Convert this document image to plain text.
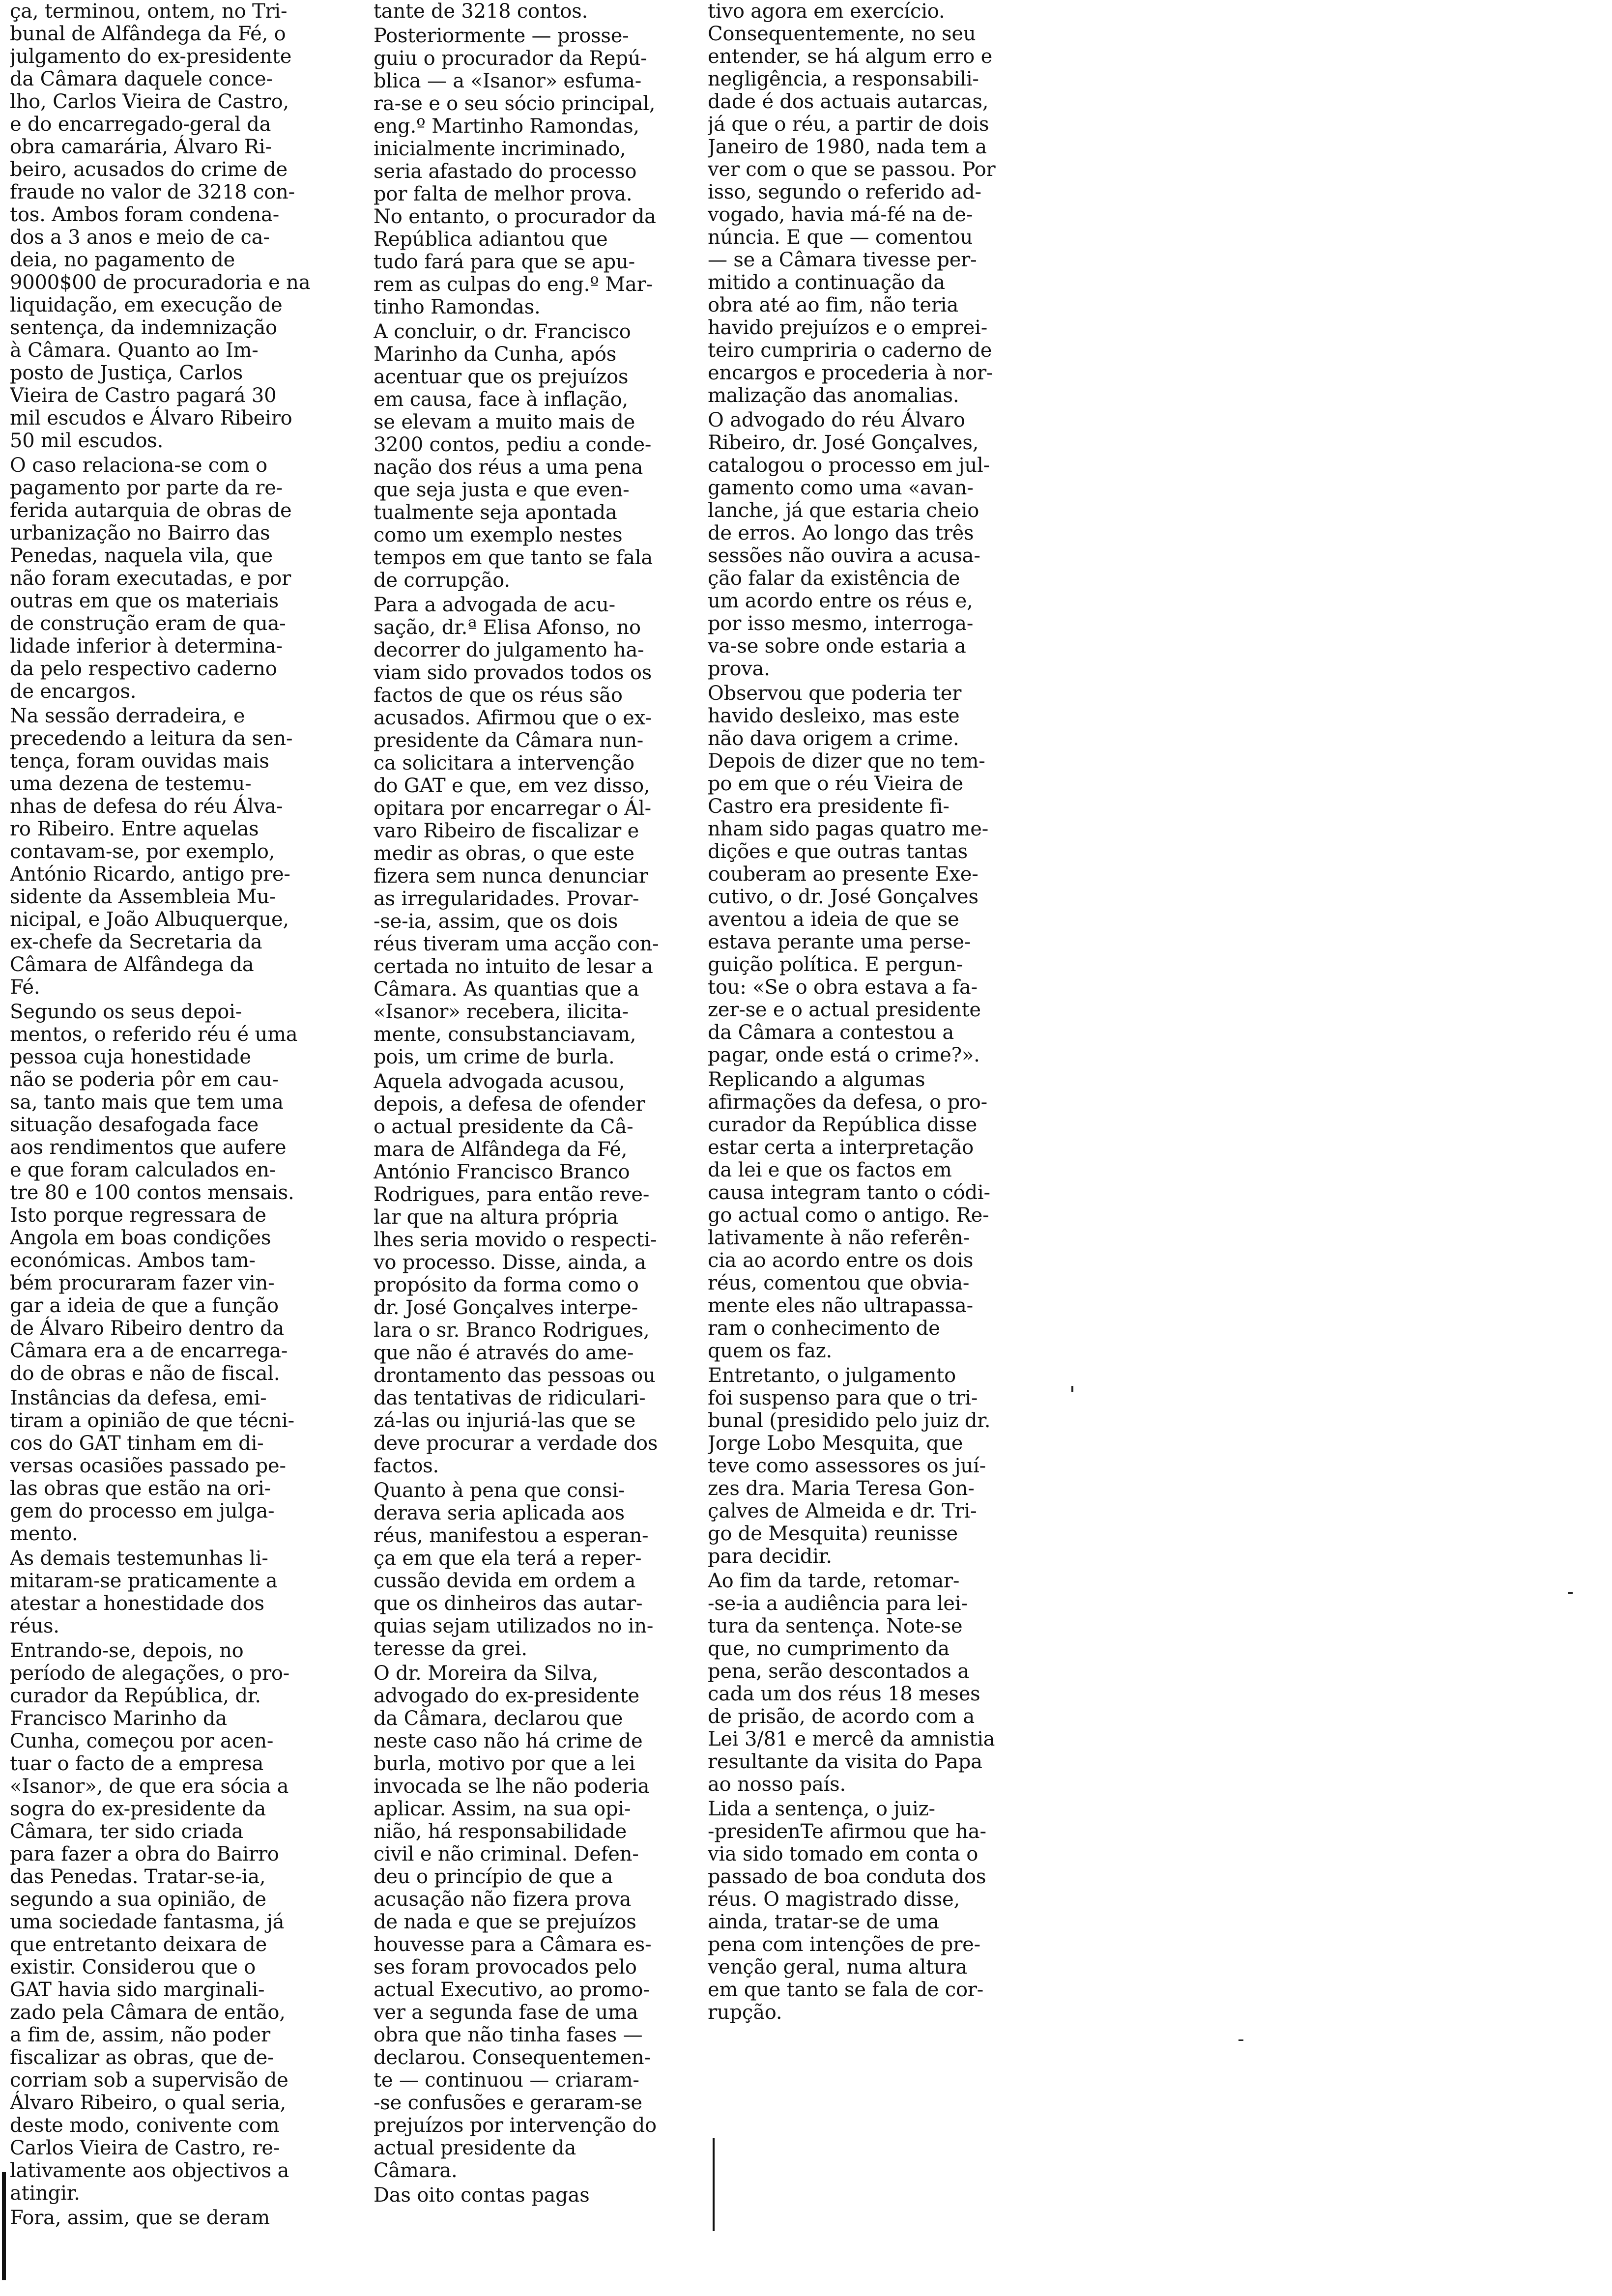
ça, terminou, ontem, no Tri-
bunal de Alfândega da Fé, o
julgamento do ex-presidente
da Câmara daquele conce-
lho, Carlos Vieira de Castro,
e do encarregado-geral da
obra camarária, Álvaro Ri-
beiro, acusados do crime de
fraude no valor de 3218 con-
tos. Ambos foram condena-
dos a 3 anos e meio de ca-
deia, no pagamento de
9000$00 de procuradoria e na
liquidação, em execução de
sentença, da indemnização
à Câmara. Quanto ao Im-
posto de Justiça, Carlos
Vieira de Castro pagará 30
mil escudos e Álvaro Ribeiro
50 mil escudos.

O caso relaciona-se com o
pagamento por parte da re-
ferida autarquia de obras de
urbanização no Bairro das
Penedas, naquela vila, que
não foram executadas, e por
outras em que os materiais
de construção eram de qua-
lidade inferior à determina-
da pelo respectivo caderno
de encargos.

Na sessão derradeira, e
precedendo a leitura da sen-
tença, foram ouvidas mais
uma dezena de testemu-
nhas de defesa do réu Álva-
ro Ribeiro. Entre aquelas
contavam-se, por exemplo,
António Ricardo, antigo pre-
sidente da Assembleia Mu-
nicipal, e João Albuquerque,
ex-chefe da Secretaria da
Câmara de Alfândega da
Fé.

Segundo os seus depoi-
mentos, o referido réu é uma
pessoa cuja honestidade
não se poderia pôr em cau-
sa, tanto mais que tem uma
situação desafogada face
aos rendimentos que aufere
e que foram calculados en-
tre 80 e 100 contos mensais.
Isto porque regressara de
Angola em boas condições
económicas. Ambos tam-
bém procuraram fazer vin-
gar a ideia de que a função
de Álvaro Ribeiro dentro da
Câmara era a de encarrega-
do de obras e não de fiscal.

Instâncias da defesa, emi-
tiram a opinião de que técni-
cos do GAT tinham em di-
versas ocasiões passado pe-
las obras que estão na ori-
gem do processo em julga-
mento.

As demais testemunhas li-
mitaram-se praticamente a
atestar a honestidade dos
réus.

Entrando-se, depois, no
período de alegações, o pro-
curador da República, dr.
Francisco Marinho da
Cunha, começou por acen-
tuar o facto de a empresa
«Isanor», de que era sócia a
sogra do ex-presidente da
Câmara, ter sido criada
para fazer a obra do Bairro
das Penedas. Tratar-se-ia,
segundo a sua opinião, de
uma sociedade fantasma, já
que entretanto deixara de
existir. Considerou que o
GAT havia sido marginali-
zado pela Câmara de então,
a fim de, assim, não poder
fiscalizar as obras, que de-
corriam sob a supervisão de
Álvaro Ribeiro, o qual seria,
deste modo, conivente com
Carlos Vieira de Castro, re-
lativamente aos objectivos a
atingir.

Fora, assim, que se deram

tante de 3218 contos.

Posteriormente — prosse-
guiu o procurador da Repú-
blica — a «Isanor» esfuma-
ra-se e o seu sócio principal,
eng.º Martinho Ramondas,
inicialmente incriminado,
seria afastado do processo
por falta de melhor prova.
No entanto, o procurador da
República adiantou que
tudo fará para que se apu-
rem as culpas do eng.º Mar-
tinho Ramondas.

A concluir, o dr. Francisco
Marinho da Cunha, após
acentuar que os prejuízos
em causa, face à inflação,
se elevam a muito mais de
3200 contos, pediu a conde-
nação dos réus a uma pena
que seja justa e que even-
tualmente seja apontada
como um exemplo nestes
tempos em que tanto se fala
de corrupção.

Para a advogada de acu-
sação, dr.ª Elisa Afonso, no
decorrer do julgamento ha-
viam sido provados todos os
factos de que os réus são
acusados. Afirmou que o ex-
presidente da Câmara nun-
ca solicitara a intervenção
do GAT e que, em vez disso,
opitara por encarregar o Ál-
varo Ribeiro de fiscalizar e
medir as obras, o que este
fizera sem nunca denunciar
as irregularidades. Provar-
-se-ia, assim, que os dois
réus tiveram uma acção con-
certada no intuito de lesar a
Câmara. As quantias que a
«Isanor» recebera, ilicita-
mente, consubstanciavam,
pois, um crime de burla.

Aquela advogada acusou,
depois, a defesa de ofender
o actual presidente da Câ-
mara de Alfândega da Fé,
António Francisco Branco
Rodrigues, para então reve-
lar que na altura própria
lhes seria movido o respecti-
vo processo. Disse, ainda, a
propósito da forma como o
dr. José Gonçalves interpe-
lara o sr. Branco Rodrigues,
que não é através do ame-
drontamento das pessoas ou
das tentativas de ridiculari-
zá-las ou injuriá-las que se
deve procurar a verdade dos
factos.

Quanto à pena que consi-
derava seria aplicada aos
réus, manifestou a esperan-
ça em que ela terá a reper-
cussão devida em ordem a
que os dinheiros das autar-
quias sejam utilizados no in-
teresse da grei.

O dr. Moreira da Silva,
advogado do ex-presidente
da Câmara, declarou que
neste caso não há crime de
burla, motivo por que a lei
invocada se lhe não poderia
aplicar. Assim, na sua opi-
nião, há responsabilidade
civil e não criminal. Defen-
deu o princípio de que a
acusação não fizera prova
de nada e que se prejuízos
houvesse para a Câmara es-
ses foram provocados pelo
actual Executivo, ao promo-
ver a segunda fase de uma
obra que não tinha fases —
declarou. Consequentemen-
te — continuou — criaram-
-se confusões e geraram-se
prejuízos por intervenção do
actual presidente da
Câmara.

Das oito contas pagas

tivo agora em exercício.
Consequentemente, no seu
entender, se há algum erro e
negligência, a responsabili-
dade é dos actuais autarcas,
já que o réu, a partir de dois
Janeiro de 1980, nada tem a
ver com o que se passou. Por
isso, segundo o referido ad-
vogado, havia má-fé na de-
núncia. E que — comentou
— se a Câmara tivesse per-
mitido a continuação da
obra até ao fim, não teria
havido prejuízos e o emprei-
teiro cumpriria o caderno de
encargos e procederia à nor-
malização das anomalias.

O advogado do réu Álvaro
Ribeiro, dr. José Gonçalves,
catalogou o processo em jul-
gamento como uma «avan-
lanche, já que estaria cheio
de erros. Ao longo das três
sessões não ouvira a acusa-
ção falar da existência de
um acordo entre os réus e,
por isso mesmo, interroga-
va-se sobre onde estaria a
prova.

Observou que poderia ter
havido desleixo, mas este
não dava origem a crime.
Depois de dizer que no tem-
po em que o réu Vieira de
Castro era presidente fi-
nham sido pagas quatro me-
dições e que outras tantas
couberam ao presente Exe-
cutivo, o dr. José Gonçalves
aventou a ideia de que se
estava perante uma perse-
guição política. E pergun-
tou: «Se o obra estava a fa-
zer-se e o actual presidente
da Câmara a contestou a
pagar, onde está o crime?».

Replicando a algumas
afirmações da defesa, o pro-
curador da República disse
estar certa a interpretação
da lei e que os factos em
causa integram tanto o códi-
go actual como o antigo. Re-
lativamente à não referên-
cia ao acordo entre os dois
réus, comentou que obvia-
mente eles não ultrapassa-
ram o conhecimento de
quem os faz.

Entretanto, o julgamento
foi suspenso para que o tri-
bunal (presidido pelo juiz dr.
Jorge Lobo Mesquita, que
teve como assessores os juí-
zes dra. Maria Teresa Gon-
çalves de Almeida e dr. Tri-
go de Mesquita) reunisse
para decidir.

Ao fim da tarde, retomar-
-se-ia a audiência para lei-
tura da sentença. Note-se
que, no cumprimento da
pena, serão descontados a
cada um dos réus 18 meses
de prisão, de acordo com a
Lei 3/81 e mercê da amnistia
resultante da visita do Papa
ao nosso país.

Lida a sentença, o juiz-
-presidenTe afirmou que ha-
via sido tomado em conta o
passado de boa conduta dos
réus. O magistrado disse,
ainda, tratar-se de uma
pena com intenções de pre-
venção geral, numa altura
em que tanto se fala de cor-
rupção.
